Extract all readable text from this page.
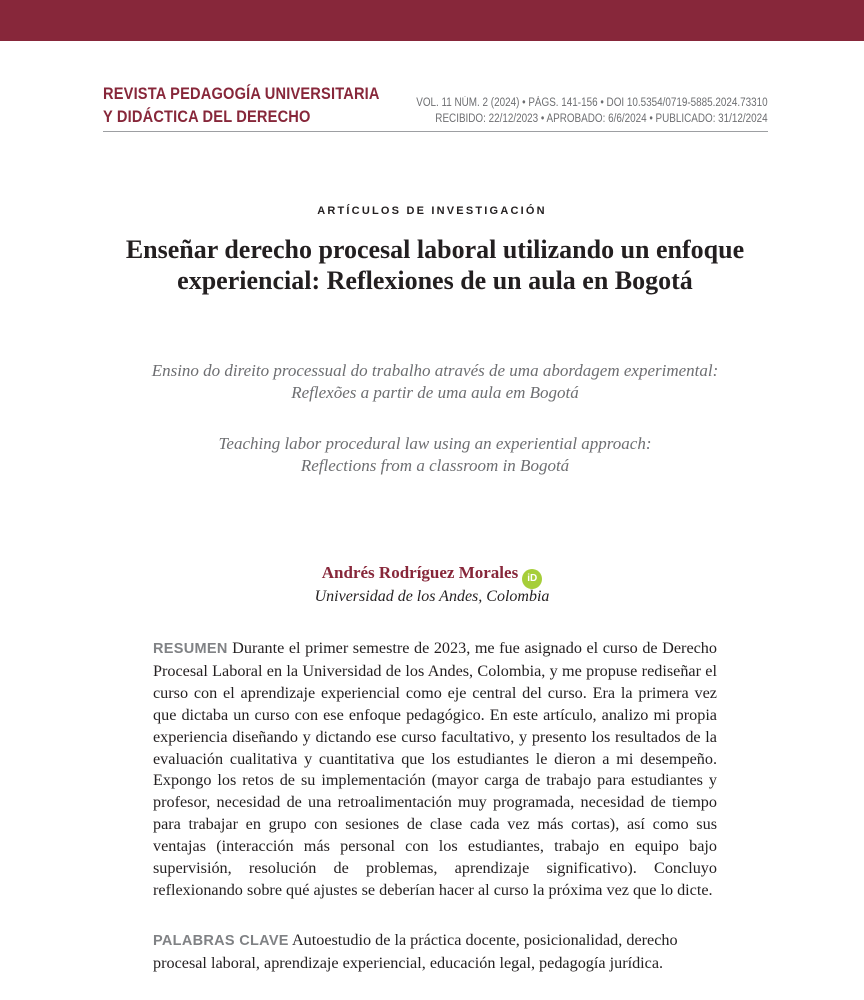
REVISTA PEDAGOGÍA UNIVERSITARIA
Y DIDÁCTICA DEL DERECHO
VOL. 11 NÚM. 2 (2024) • PÁGS. 141-156 • DOI 10.5354/0719-5885.2024.73310
RECIBIDO: 22/12/2023 • APROBADO: 6/6/2024 • PUBLICADO: 31/12/2024
ARTÍCULOS DE INVESTIGACIÓN
Enseñar derecho procesal laboral utilizando un enfoque experiencial: Reflexiones de un aula en Bogotá
Ensino do direito processual do trabalho através de uma abordagem experimental:
Reflexões a partir de uma aula em Bogotá
Teaching labor procedural law using an experiential approach:
Reflections from a classroom in Bogotá
Andrés Rodríguez Morales iD
Universidad de los Andes, Colombia
RESUMEN Durante el primer semestre de 2023, me fue asignado el curso de Derecho Procesal Laboral en la Universidad de los Andes, Colombia, y me propuse rediseñar el curso con el aprendizaje experiencial como eje central del curso. Era la primera vez que dictaba un curso con ese enfoque pedagógico. En este artículo, analizo mi propia experiencia diseñando y dictando ese curso facultativo, y presento los resultados de la evaluación cualitativa y cuantitativa que los estudiantes le dieron a mi desempeño. Expongo los retos de su implementación (mayor carga de trabajo para estudiantes y profesor, necesidad de una retroalimentación muy programada, necesidad de tiempo para trabajar en grupo con sesiones de clase cada vez más cortas), así como sus ventajas (interacción más personal con los estudiantes, trabajo en equipo bajo supervisión, resolución de problemas, aprendizaje significativo). Concluyo reflexionando sobre qué ajustes se deberían hacer al curso la próxima vez que lo dicte.
PALABRAS CLAVE Autoestudio de la práctica docente, posicionalidad, derecho procesal laboral, aprendizaje experiencial, educación legal, pedagogía jurídica.
